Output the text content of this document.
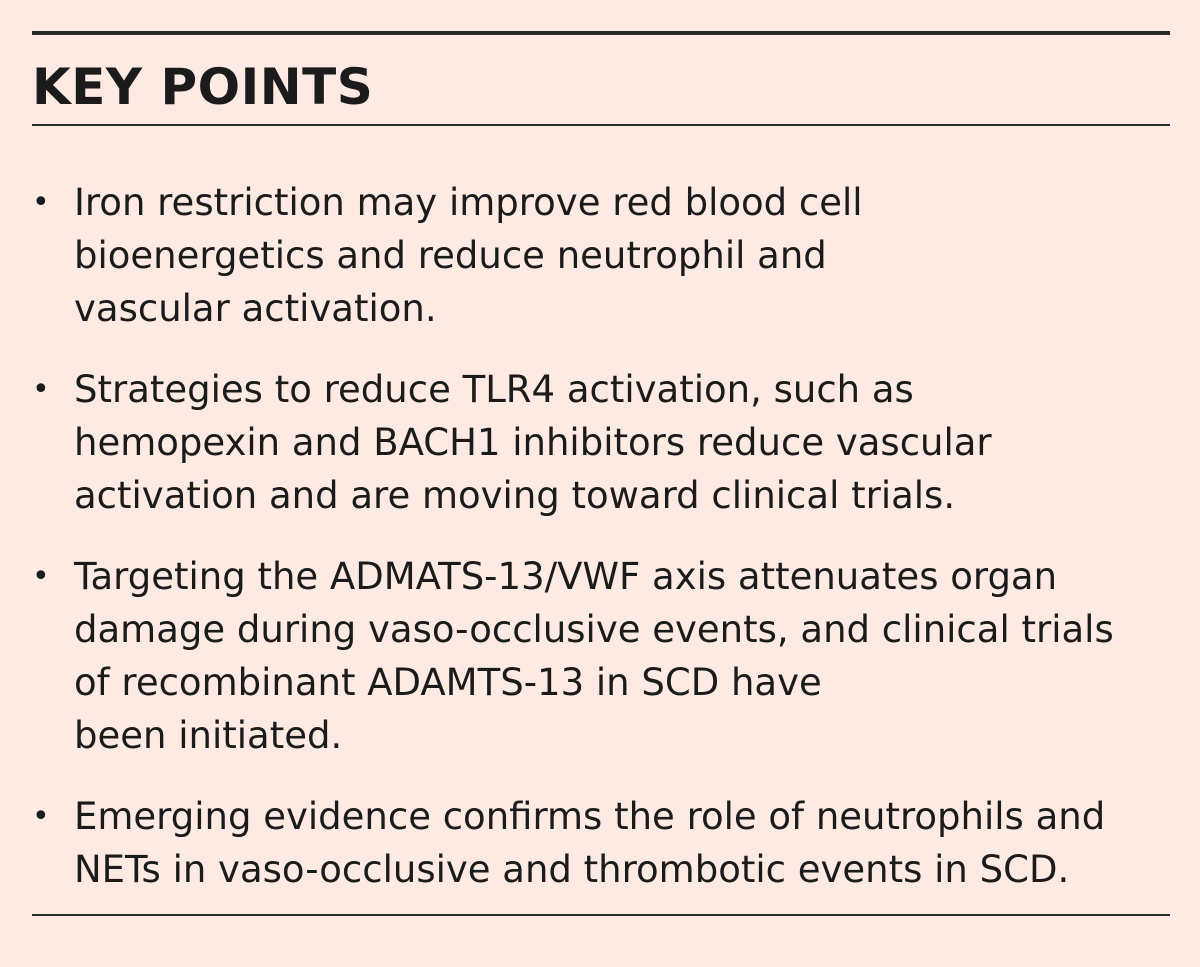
KEY POINTS
• Iron restriction may improve red blood cell
bioenergetics and reduce neutrophil and
vascular activation.
• Strategies to reduce TLR4 activation, such as
hemopexin and BACH1 inhibitors reduce vascular
activation and are moving toward clinical trials.
• Targeting the ADMATS-13/VWF axis attenuates organ
damage during vaso-occlusive events, and clinical trials
of recombinant ADAMTS-13 in SCD have
been initiated.
• Emerging evidence confirms the role of neutrophils and
NETs in vaso-occlusive and thrombotic events in SCD.
